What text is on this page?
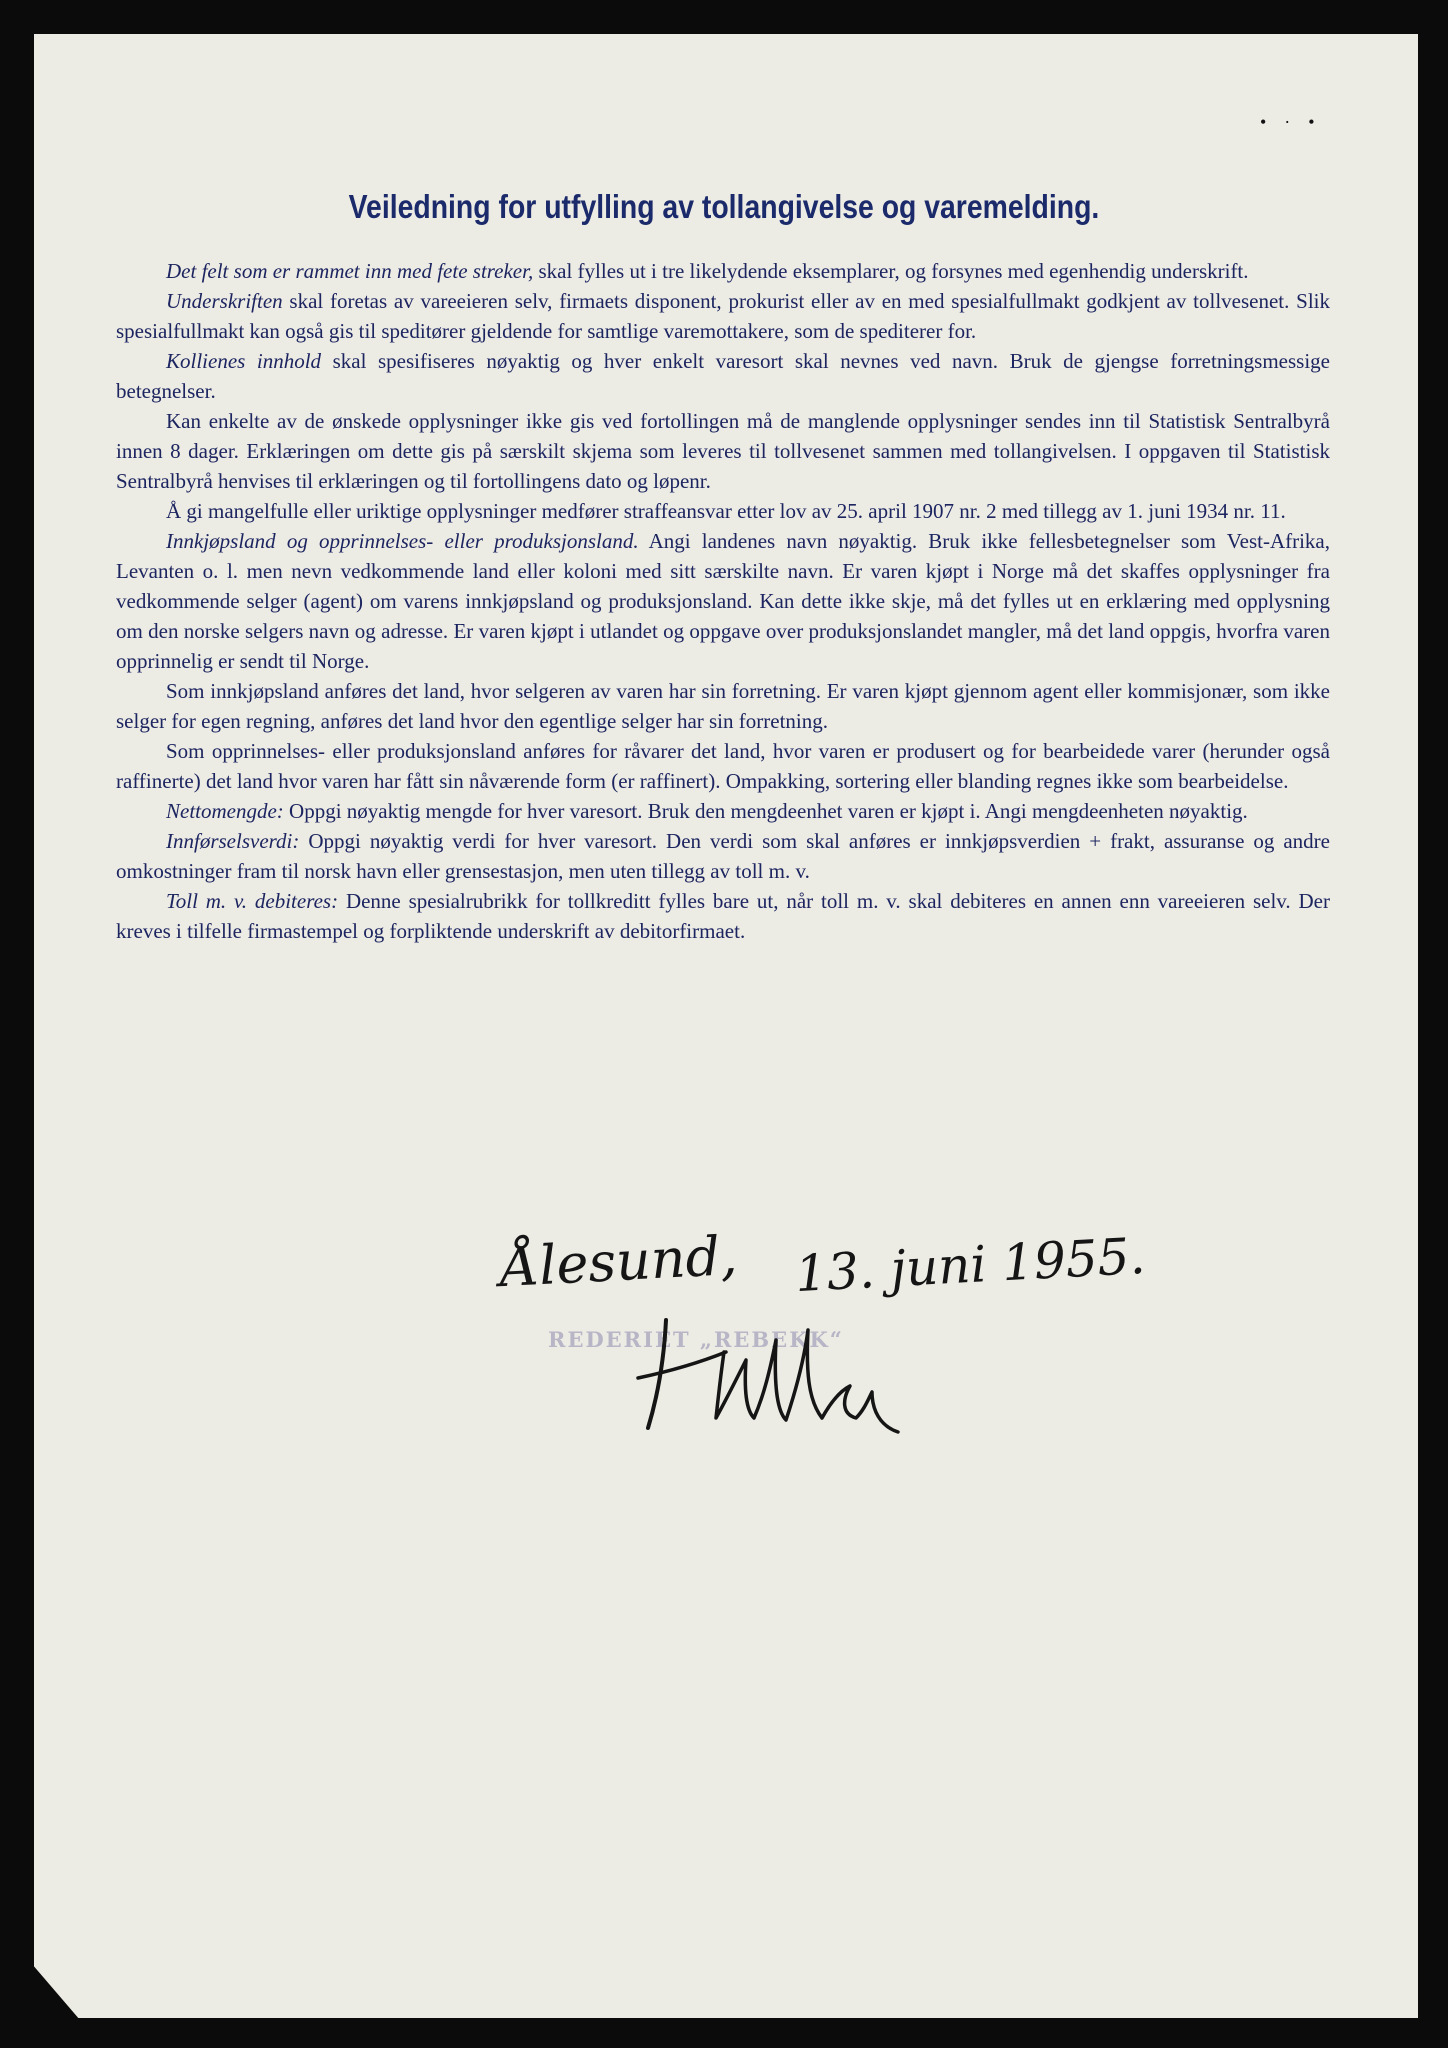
•·•
Veiledning for utfylling av tollangivelse og varemelding.

Det felt som er rammet inn med fete streker, skal fylles ut i tre likelydende eksemplarer, og forsynes med egenhendig underskrift.

Underskriften skal foretas av vareeieren selv, firmaets disponent, prokurist eller av en med spesialfullmakt godkjent av tollvesenet. Slik spesialfullmakt kan også gis til speditører gjeldende for samtlige varemottakere, som de spediterer for.

Kollienes innhold skal spesifiseres nøyaktig og hver enkelt varesort skal nevnes ved navn. Bruk de gjengse forretningsmessige betegnelser.

Kan enkelte av de ønskede opplysninger ikke gis ved fortollingen må de manglende opplysninger sendes inn til Statistisk Sentralbyrå innen 8 dager. Erklæringen om dette gis på særskilt skjema som leveres til tollvesenet sammen med tollangivelsen. I oppgaven til Statistisk Sentralbyrå henvises til erklæringen og til fortollingens dato og løpenr.

Å gi mangelfulle eller uriktige opplysninger medfører straffeansvar etter lov av 25. april 1907 nr. 2 med tillegg av 1. juni 1934 nr. 11.

Innkjøpsland og opprinnelses- eller produksjonsland. Angi landenes navn nøyaktig. Bruk ikke fellesbetegnelser som Vest-Afrika, Levanten o. l. men nevn vedkommende land eller koloni med sitt særskilte navn. Er varen kjøpt i Norge må det skaffes opplysninger fra vedkommende selger (agent) om varens innkjøpsland og produksjonsland. Kan dette ikke skje, må det fylles ut en erklæring med opplysning om den norske selgers navn og adresse. Er varen kjøpt i utlandet og oppgave over produksjonslandet mangler, må det land oppgis, hvorfra varen opprinnelig er sendt til Norge.

Som innkjøpsland anføres det land, hvor selgeren av varen har sin forretning. Er varen kjøpt gjennom agent eller kommisjonær, som ikke selger for egen regning, anføres det land hvor den egentlige selger har sin forretning.

Som opprinnelses- eller produksjonsland anføres for råvarer det land, hvor varen er produsert og for bearbeidede varer (herunder også raffinerte) det land hvor varen har fått sin nåværende form (er raffinert). Ompakking, sortering eller blanding regnes ikke som bearbeidelse.

Nettomengde: Oppgi nøyaktig mengde for hver varesort. Bruk den mengdeenhet varen er kjøpt i. Angi mengdeenheten nøyaktig.

Innførselsverdi: Oppgi nøyaktig verdi for hver varesort. Den verdi som skal anføres er innkjøpsverdien + frakt, assuranse og andre omkostninger fram til norsk havn eller grensestasjon, men uten tillegg av toll m. v.

Toll m. v. debiteres: Denne spesialrubrikk for tollkreditt fylles bare ut, når toll m. v. skal debiteres en annen enn vareeieren selv. Der kreves i tilfelle firmastempel og forpliktende underskrift av debitorfirmaet.

Ålesund, 13. juni 1955.
REDERIET „REBEKK“
